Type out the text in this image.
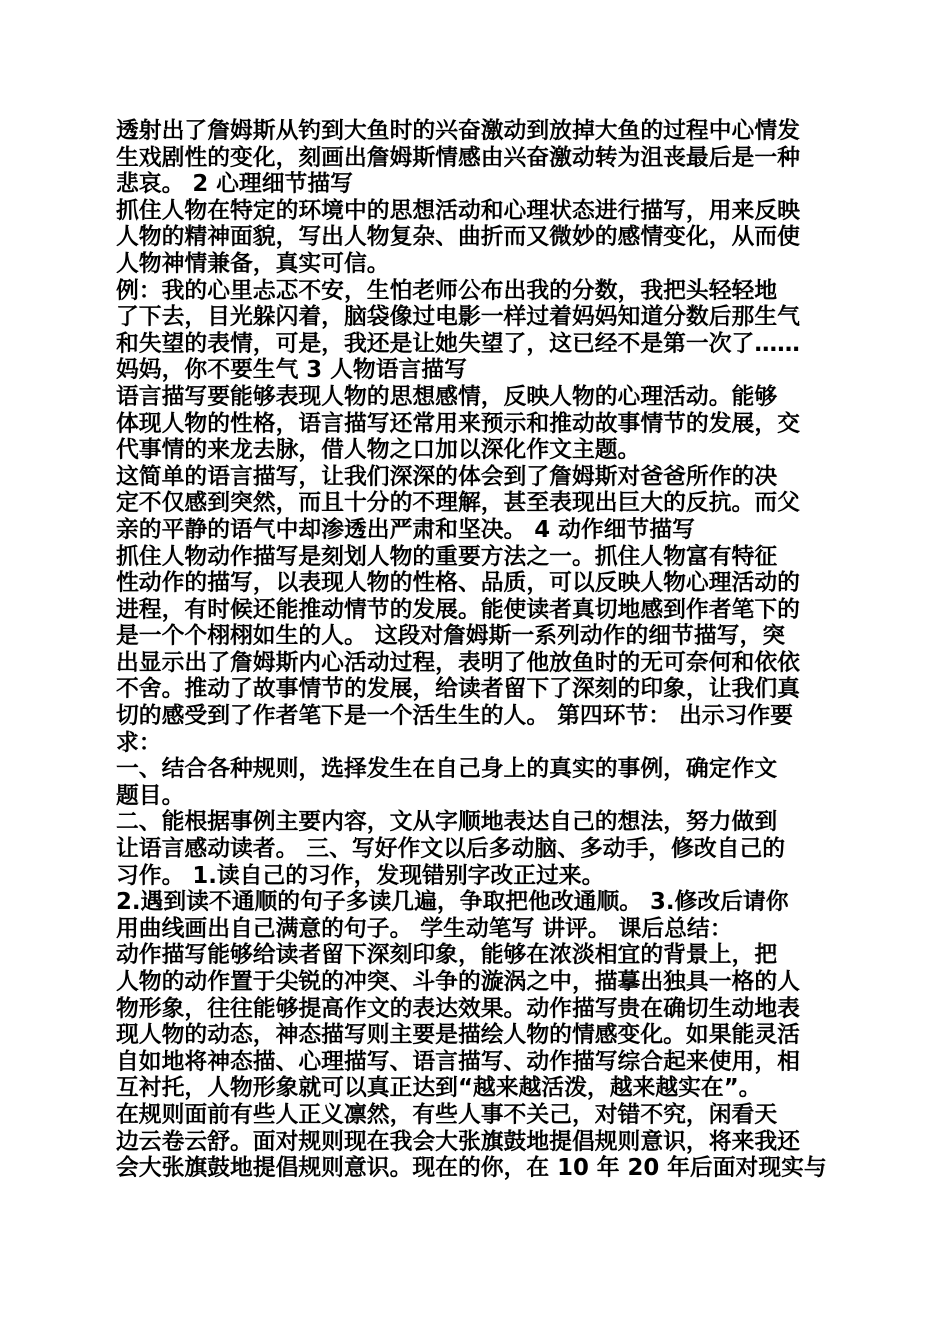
透射出了詹姆斯从钓到大鱼时的兴奋激动到放掉大鱼的过程中心情发
生戏剧性的变化，刻画出詹姆斯情感由兴奋激动转为沮丧最后是一种
悲哀。 2 心理细节描写
抓住人物在特定的环境中的思想活动和心理状态进行描写，用来反映
人物的精神面貌，写出人物复杂、曲折而又微妙的感情变化，从而使
人物神情兼备，真实可信。
例：我的心里忐忑不安，生怕老师公布出我的分数，我把头轻轻地
了下去，目光躲闪着，脑袋像过电影一样过着妈妈知道分数后那生气
和失望的表情，可是，我还是让她失望了，这已经不是第一次了……
妈妈，你不要生气 3 人物语言描写
语言描写要能够表现人物的思想感情，反映人物的心理活动。能够
体现人物的性格，语言描写还常用来预示和推动故事情节的发展，交
代事情的来龙去脉，借人物之口加以深化作文主题。
这简单的语言描写，让我们深深的体会到了詹姆斯对爸爸所作的决
定不仅感到突然，而且十分的不理解，甚至表现出巨大的反抗。而父
亲的平静的语气中却渗透出严肃和坚决。 4 动作细节描写
抓住人物动作描写是刻划人物的重要方法之一。抓住人物富有特征
性动作的描写，以表现人物的性格、品质，可以反映人物心理活动的
进程，有时候还能推动情节的发展。能使读者真切地感到作者笔下的
是一个个栩栩如生的人。 这段对詹姆斯一系列动作的细节描写，突
出显示出了詹姆斯内心活动过程，表明了他放鱼时的无可奈何和依依
不舍。推动了故事情节的发展，给读者留下了深刻的印象，让我们真
切的感受到了作者笔下是一个活生生的人。 第四环节： 出示习作要
求：
一、结合各种规则，选择发生在自己身上的真实的事例，确定作文
题目。
二、能根据事例主要内容，文从字顺地表达自己的想法，努力做到
让语言感动读者。 三、写好作文以后多动脑、多动手，修改自己的
习作。 1.读自己的习作，发现错别字改正过来。
2.遇到读不通顺的句子多读几遍，争取把他改通顺。 3.修改后请你
用曲线画出自己满意的句子。 学生动笔写 讲评。 课后总结：
动作描写能够给读者留下深刻印象，能够在浓淡相宜的背景上，把
人物的动作置于尖锐的冲突、斗争的漩涡之中，描摹出独具一格的人
物形象，往往能够提高作文的表达效果。动作描写贵在确切生动地表
现人物的动态，神态描写则主要是描绘人物的情感变化。如果能灵活
自如地将神态描、心理描写、语言描写、动作描写综合起来使用，相
互衬托，人物形象就可以真正达到“越来越活泼，越来越实在”。
在规则面前有些人正义凛然，有些人事不关己，对错不究，闲看天
边云卷云舒。面对规则现在我会大张旗鼓地提倡规则意识，将来我还
会大张旗鼓地提倡规则意识。现在的你，在 10 年 20 年后面对现实与
